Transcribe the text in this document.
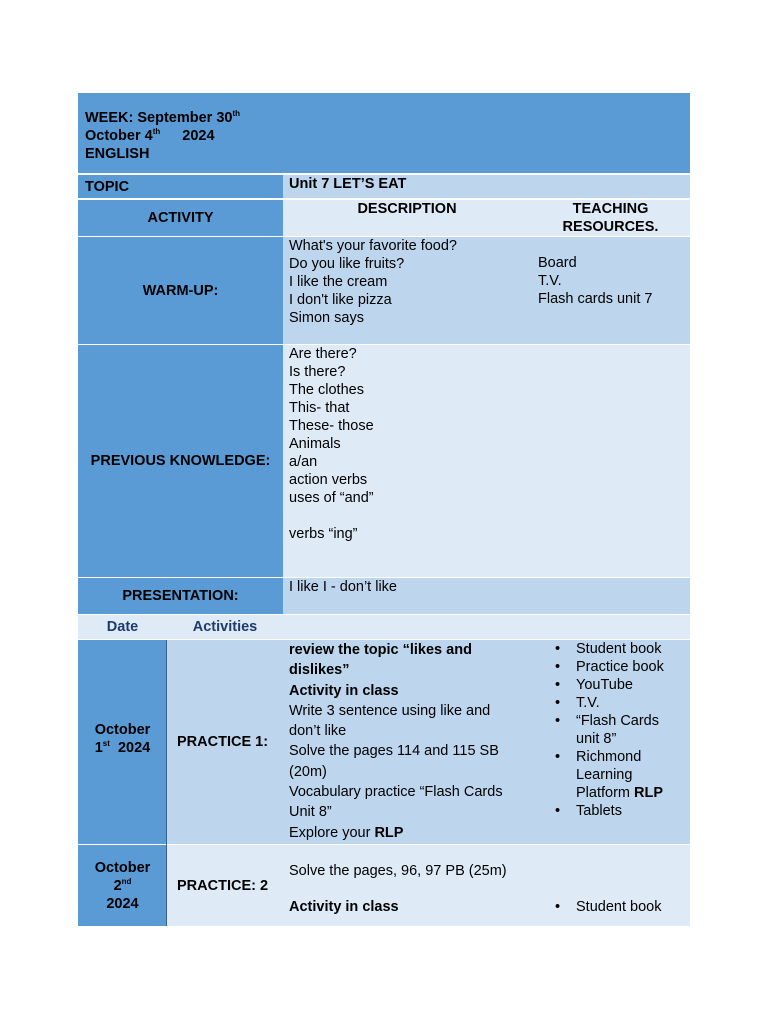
WEEK: September 30th
October 4th 2024
ENGLISH
TOPIC	Unit 7 LET’S EAT
ACTIVITY
DESCRIPTION	TEACHING
RESOURCES.
WARM-UP:
What's your favorite food?
Do you like fruits?
I like the cream
I don't like pizza
Simon says
Board
T.V.
Flash cards unit 7
PREVIOUS KNOWLEDGE:
Are there?
Is there?
The clothes
This- that
These- those
Animals
a/an
action verbs
uses of “and”

verbs “ing”
PRESENTATION:
I like I - don’t like
Date	Activities
October
1st 2024 PRACTICE 1:
review the topic “likes and dislikes”
Activity in class
Write 3 sentence using like and don’t like
Solve the pages 114 and 115 SB (20m)
Vocabulary practice “Flash Cards Unit 8”
Explore your RLP
• Student book
• Practice book
• YouTube
• T.V.
• “Flash Cards unit 8”
• Richmond Learning Platform RLP
• Tablets
October
2nd
2024
PRACTICE: 2
Solve the pages, 96, 97 PB (25m)

Activity in class
•	Student book
